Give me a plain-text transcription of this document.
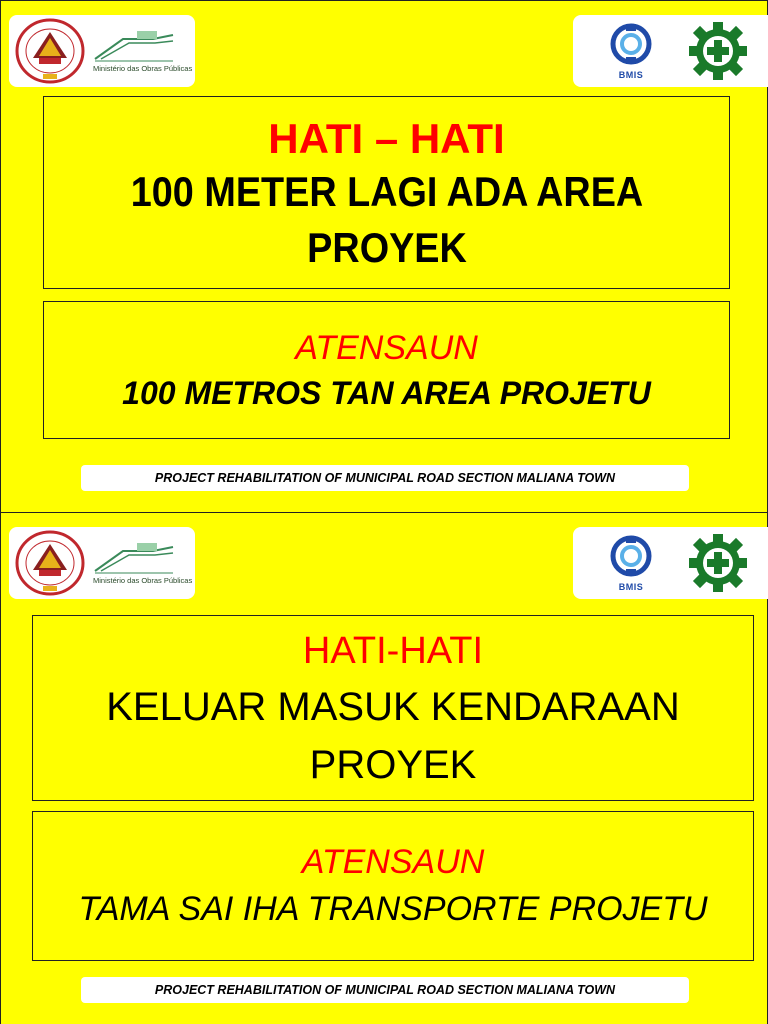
Ministério das Obras Públicas
BMIS
HATI – HATI
100 METER LAGI ADA AREA PROYEK
ATENSAUN
100 METROS TAN AREA PROJETU
PROJECT REHABILITATION OF MUNICIPAL ROAD SECTION MALIANA TOWN
Ministério das Obras Públicas
BMIS
HATI-HATI
KELUAR MASUK KENDARAAN PROYEK
ATENSAUN
TAMA SAI IHA TRANSPORTE PROJETU
PROJECT REHABILITATION OF MUNICIPAL ROAD SECTION MALIANA TOWN
